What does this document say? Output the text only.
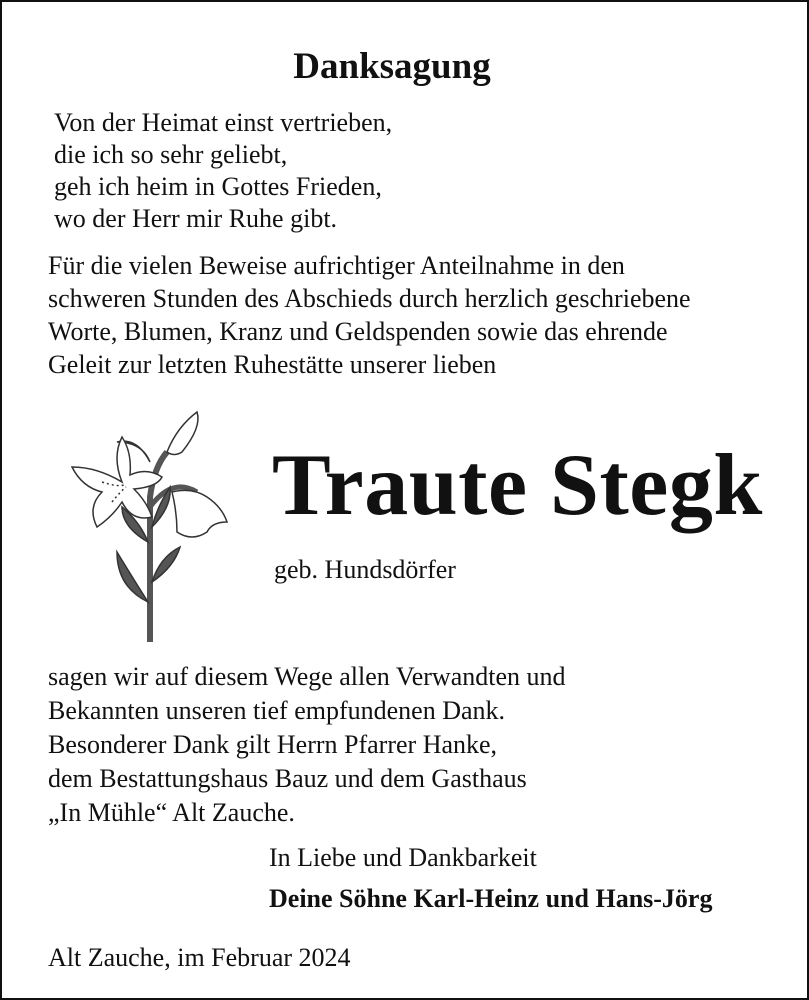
Danksagung
Von der Heimat einst vertrieben,
die ich so sehr geliebt,
geh ich heim in Gottes Frieden,
wo der Herr mir Ruhe gibt.
Für die vielen Beweise aufrichtiger Anteilnahme in den
schweren Stunden des Abschieds durch herzlich geschriebene
Worte, Blumen, Kranz und Geldspenden sowie das ehrende
Geleit zur letzten Ruhestätte unserer lieben
Traute Stegk
geb. Hundsdörfer
sagen wir auf diesem Wege allen Verwandten und
Bekannten unseren tief empfundenen Dank.
Besonderer Dank gilt Herrn Pfarrer Hanke,
dem Bestattungshaus Bauz und dem Gasthaus
„In Mühle“ Alt Zauche.
In Liebe und Dankbarkeit
Deine Söhne Karl-Heinz und Hans-Jörg
Alt Zauche, im Februar 2024
